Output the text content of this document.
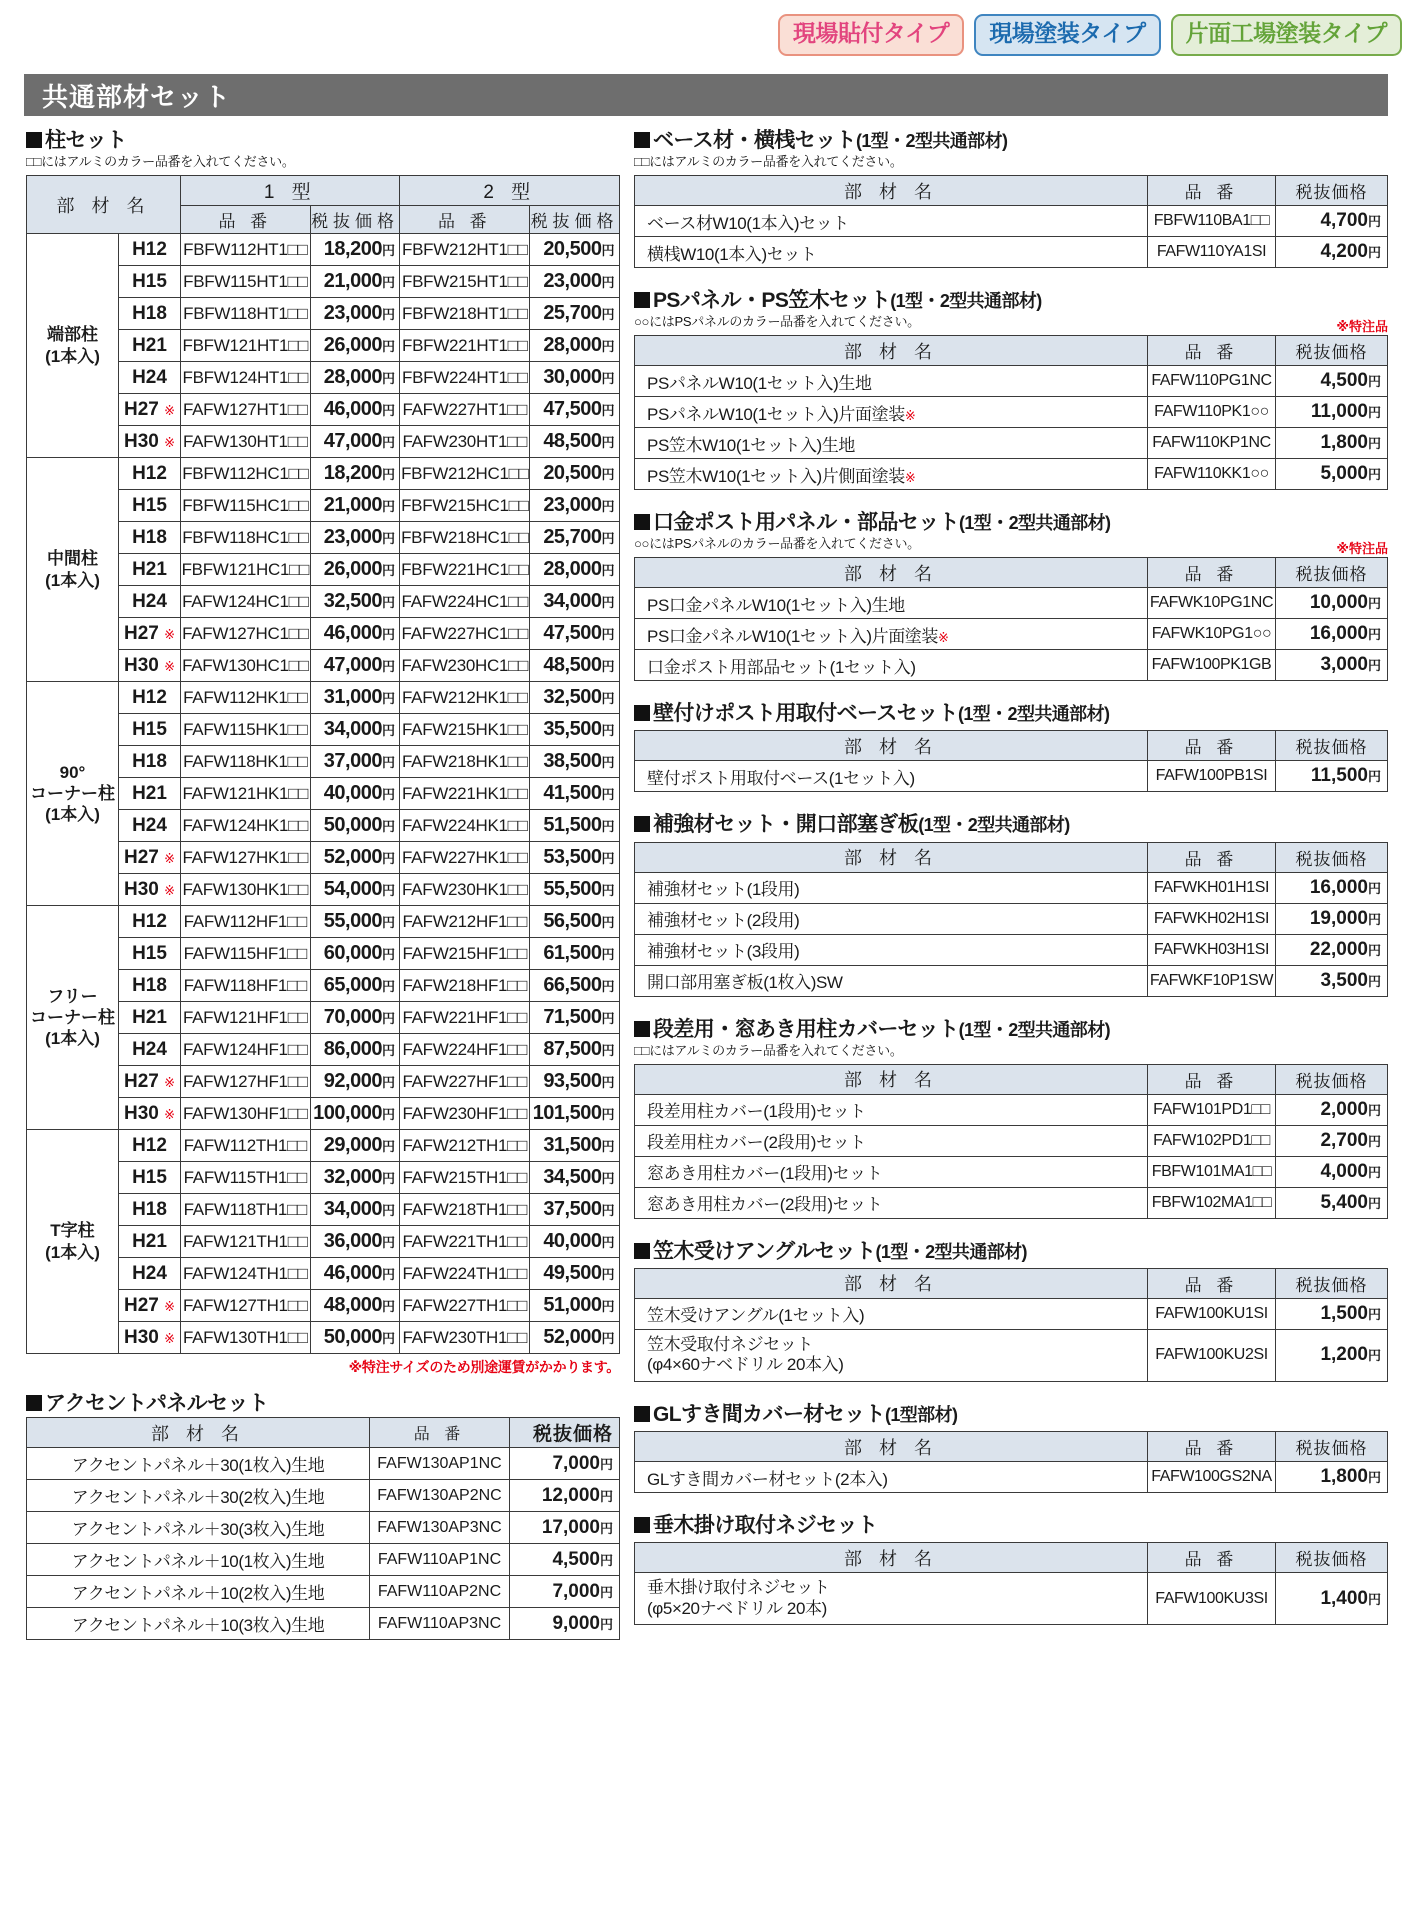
現場貼付タイプ	現場塗装タイプ	片面工場塗装タイプ
共通部材セット
柱セット
□□にはアルミのカラー品番を入れてください。
部 材 名		1 型		2 型	
		品 番	税抜価格	品 番	税抜価格
端部柱
(1本入)	H12	FBFW112HT1□□	18,200円	FBFW212HT1□□	20,500円
	H15	FBFW115HT1□□	21,000円	FBFW215HT1□□	23,000円
	H18	FBFW118HT1□□	23,000円	FBFW218HT1□□	25,700円
	H21	FBFW121HT1□□	26,000円	FBFW221HT1□□	28,000円
	H24	FBFW124HT1□□	28,000円	FBFW224HT1□□	30,000円
	H27 ※	FAFW127HT1□□	46,000円	FAFW227HT1□□	47,500円
	H30 ※	FAFW130HT1□□	47,000円	FAFW230HT1□□	48,500円
中間柱
(1本入)	H12	FBFW112HC1□□	18,200円	FBFW212HC1□□	20,500円
	H15	FBFW115HC1□□	21,000円	FBFW215HC1□□	23,000円
	H18	FBFW118HC1□□	23,000円	FBFW218HC1□□	25,700円
	H21	FBFW121HC1□□	26,000円	FBFW221HC1□□	28,000円
	H24	FAFW124HC1□□	32,500円	FAFW224HC1□□	34,000円
	H27 ※	FAFW127HC1□□	46,000円	FAFW227HC1□□	47,500円
	H30 ※	FAFW130HC1□□	47,000円	FAFW230HC1□□	48,500円
90°
コーナー柱
(1本入)	H12	FAFW112HK1□□	31,000円	FAFW212HK1□□	32,500円
	H15	FAFW115HK1□□	34,000円	FAFW215HK1□□	35,500円
	H18	FAFW118HK1□□	37,000円	FAFW218HK1□□	38,500円
	H21	FAFW121HK1□□	40,000円	FAFW221HK1□□	41,500円
	H24	FAFW124HK1□□	50,000円	FAFW224HK1□□	51,500円
	H27 ※	FAFW127HK1□□	52,000円	FAFW227HK1□□	53,500円
	H30 ※	FAFW130HK1□□	54,000円	FAFW230HK1□□	55,500円
フリー
コーナー柱
(1本入)	H12	FAFW112HF1□□	55,000円	FAFW212HF1□□	56,500円
	H15	FAFW115HF1□□	60,000円	FAFW215HF1□□	61,500円
	H18	FAFW118HF1□□	65,000円	FAFW218HF1□□	66,500円
	H21	FAFW121HF1□□	70,000円	FAFW221HF1□□	71,500円
	H24	FAFW124HF1□□	86,000円	FAFW224HF1□□	87,500円
	H27 ※	FAFW127HF1□□	92,000円	FAFW227HF1□□	93,500円
	H30 ※	FAFW130HF1□□	100,000円	FAFW230HF1□□	101,500円
T字柱
(1本入)	H12	FAFW112TH1□□	29,000円	FAFW212TH1□□	31,500円
	H15	FAFW115TH1□□	32,000円	FAFW215TH1□□	34,500円
	H18	FAFW118TH1□□	34,000円	FAFW218TH1□□	37,500円
	H21	FAFW121TH1□□	36,000円	FAFW221TH1□□	40,000円
	H24	FAFW124TH1□□	46,000円	FAFW224TH1□□	49,500円
	H27 ※	FAFW127TH1□□	48,000円	FAFW227TH1□□	51,000円
	H30 ※	FAFW130TH1□□	50,000円	FAFW230TH1□□	52,000円
※特注サイズのため別途運賃がかかります。
アクセントパネルセット
部 材 名	品 番	税抜価格
アクセントパネル＋30(1枚入)生地	FAFW130AP1NC	7,000円
アクセントパネル＋30(2枚入)生地	FAFW130AP2NC	12,000円
アクセントパネル＋30(3枚入)生地	FAFW130AP3NC	17,000円
アクセントパネル＋10(1枚入)生地	FAFW110AP1NC	4,500円
アクセントパネル＋10(2枚入)生地	FAFW110AP2NC	7,000円
アクセントパネル＋10(3枚入)生地	FAFW110AP3NC	9,000円
ベース材・横桟セット(1型・2型共通部材)
□□にはアルミのカラー品番を入れてください。
部 材 名	品 番	税抜価格
ベース材W10(1本入)セット	FBFW110BA1□□	4,700円
横桟W10(1本入)セット	FAFW110YA1SI	4,200円
PSパネル・PS笠木セット(1型・2型共通部材)
○○にはPSパネルのカラー品番を入れてください。	※特注品
部 材 名	品 番	税抜価格
PSパネルW10(1セット入)生地	FAFW110PG1NC	4,500円
PSパネルW10(1セット入)片面塗装※	FAFW110PK1○○	11,000円
PS笠木W10(1セット入)生地	FAFW110KP1NC	1,800円
PS笠木W10(1セット入)片側面塗装※	FAFW110KK1○○	5,000円
口金ポスト用パネル・部品セット(1型・2型共通部材)
○○にはPSパネルのカラー品番を入れてください。	※特注品
部 材 名	品 番	税抜価格
PS口金パネルW10(1セット入)生地	FAFWK10PG1NC	10,000円
PS口金パネルW10(1セット入)片面塗装※	FAFWK10PG1○○	16,000円
口金ポスト用部品セット(1セット入)	FAFW100PK1GB	3,000円
壁付けポスト用取付ベースセット(1型・2型共通部材)
部 材 名	品 番	税抜価格
壁付ポスト用取付ベース(1セット入)	FAFW100PB1SI	11,500円
補強材セット・開口部塞ぎ板(1型・2型共通部材)
部 材 名	品 番	税抜価格
補強材セット(1段用)	FAFWKH01H1SI	16,000円
補強材セット(2段用)	FAFWKH02H1SI	19,000円
補強材セット(3段用)	FAFWKH03H1SI	22,000円
開口部用塞ぎ板(1枚入)SW	FAFWKF10P1SW	3,500円
段差用・窓あき用柱カバーセット(1型・2型共通部材)
□□にはアルミのカラー品番を入れてください。
部 材 名	品 番	税抜価格
段差用柱カバー(1段用)セット	FAFW101PD1□□	2,000円
段差用柱カバー(2段用)セット	FAFW102PD1□□	2,700円
窓あき用柱カバー(1段用)セット	FBFW101MA1□□	4,000円
窓あき用柱カバー(2段用)セット	FBFW102MA1□□	5,400円
笠木受けアングルセット(1型・2型共通部材)
部 材 名	品 番	税抜価格
笠木受けアングル(1セット入)	FAFW100KU1SI	1,500円
笠木受取付ネジセット
(φ4×60ナベドリル 20本入)	FAFW100KU2SI	1,200円
GLすき間カバー材セット(1型部材)
部 材 名	品 番	税抜価格
GLすき間カバー材セット(2本入)	FAFW100GS2NA	1,800円
垂木掛け取付ネジセット
部 材 名	品 番	税抜価格
垂木掛け取付ネジセット
(φ5×20ナベドリル 20本)	FAFW100KU3SI	1,400円
